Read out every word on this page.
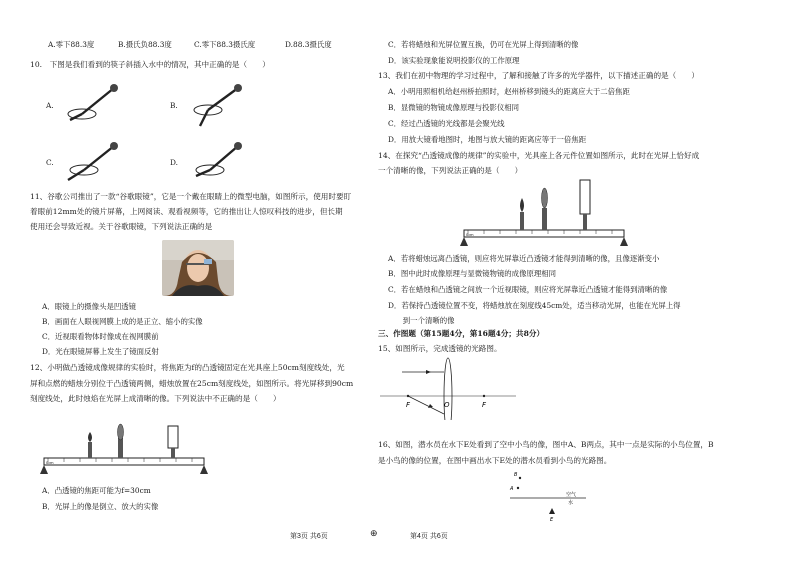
A.零下88.3度	B.摄氏负88.3度	C.零下88.3摄氏度	D.88.3摄氏度
10.　下图是我们看到的筷子斜插入水中的情况，其中正确的是（　　）
A.	B.
C.	D.
11、谷歌公司推出了一款“谷歌眼镜”，它是一个戴在眼睛上的微型电脑，如图所示，使用时要盯
着眼前12mm处的镜片屏幕，上网阅读、观看视频等，它的推出让人惊叹科技的进步，但长期
使用还会导致近视。关于谷歌眼镜，下列说法正确的是
A．眼镜上的摄像头是凹透镜
B．画面在人眼视网膜上成的是正立、缩小的实像
C．近视眼看物体时像成在视网膜前
D．光在眼镜屏幕上发生了镜面反射
12、小明做凸透镜成像规律的实验时，将焦距为f的凸透镜固定在光具座上50cm刻度线处，光
屏和点燃的蜡烛分别位于凸透镜两侧，蜡烛放置在25cm刻度线处，如图所示。将光屏移到90cm
刻度线处，此时烛焰在光屏上成清晰的像。下列说法中不正确的是（　　）
0cm
A．凸透镜的焦距可能为f=30cm
B．光屏上的像是倒立、放大的实像
第3页 共6页	⊕	第4页 共6页
C．若将蜡烛和光屏位置互换，仍可在光屏上得到清晰的像
D．该实验现象能说明投影仪的工作原理
13、我们在初中物理的学习过程中，了解和接触了许多的光学器件，以下描述正确的是（　　）
A．小明用照相机给赵州桥拍照时，赵州桥移到镜头的距离应大于二倍焦距
B．显微镜的物镜成像原理与投影仪相同
C．经过凸透镜的光线都是会聚光线
D．用放大镜看地图时，地图与放大镜的距离应等于一倍焦距
14、在探究“凸透镜成像的规律”的实验中，光具座上各元件位置如图所示，此时在光屏上恰好成
一个清晰的像，下列说法正确的是（　　）
0cm
A．若将蜡烛远离凸透镜，则应将光屏靠近凸透镜才能得到清晰的像，且像逐渐变小
B．图中此时成像原理与显微镜物镜的成像原理相同
C．若在蜡烛和凸透镜之间放一个近视眼镜，则应将光屏靠近凸透镜才能得到清晰的像
D．若保持凸透镜位置不变，将蜡烛放在刻度线45cm处，适当移动光屏，也能在光屏上得
　　到一个清晰的像
三、作图题（第15题4分，第16题4分；共8分）
15、如图所示，完成透镜的光路图。
F	O	F
16、如图，潜水员在水下E处看到了空中小鸟的像，图中A、B两点，其中一点是实际的小鸟位置，B
是小鸟的像的位置，在图中画出水下E处的潜水员看到小鸟的光路图。
B
A
空气
水
E
